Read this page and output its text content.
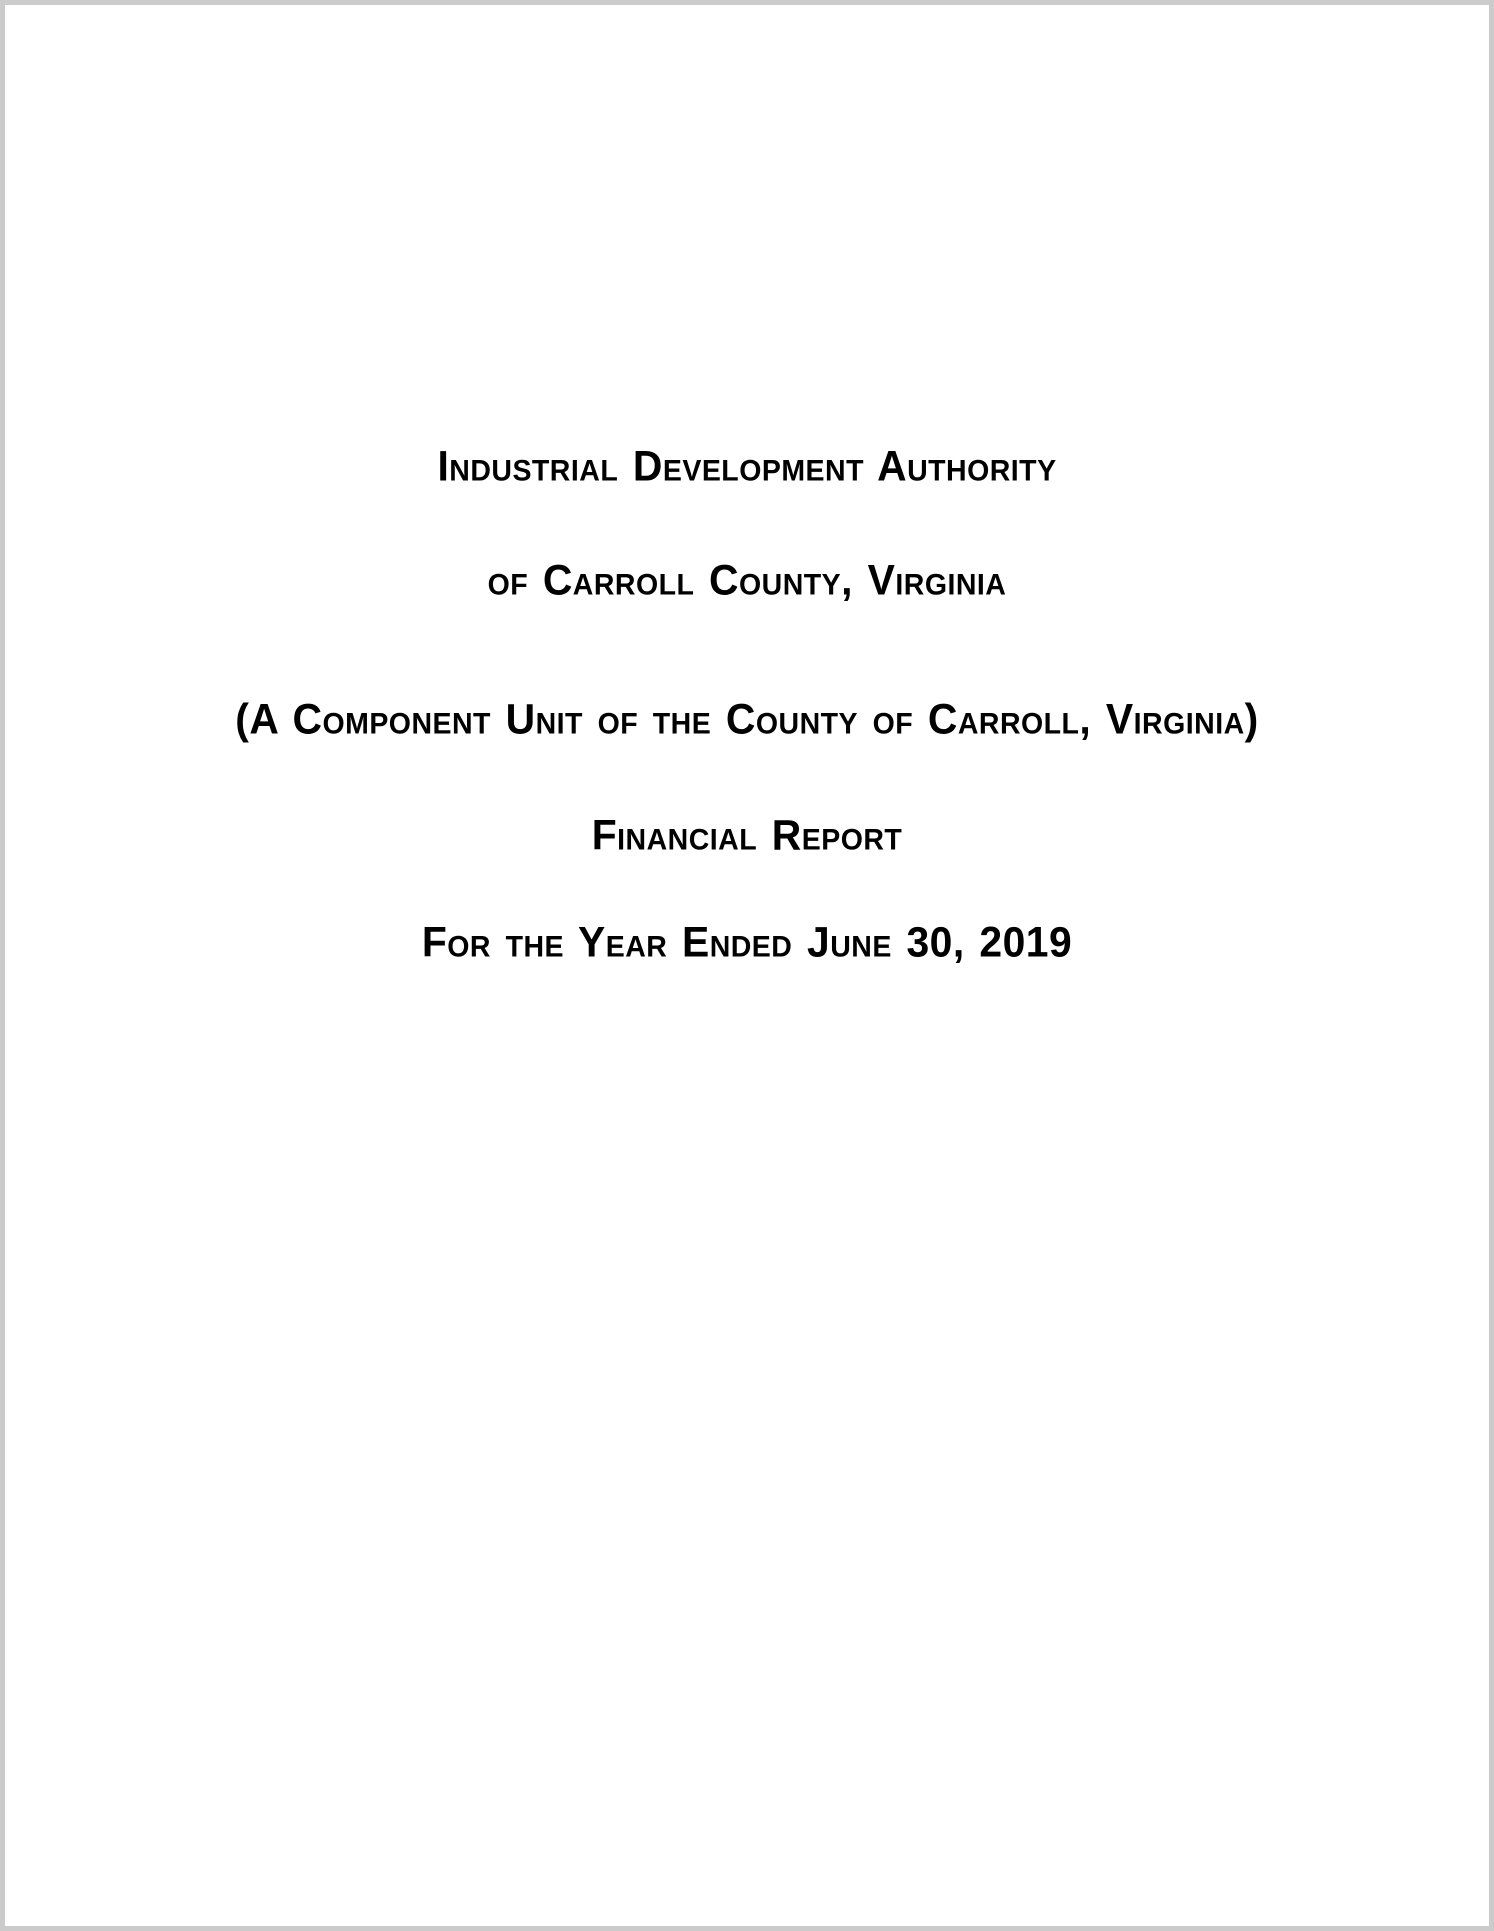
Industrial Development Authority
of Carroll County, Virginia
(A Component Unit of the County of Carroll, Virginia)
Financial Report
For the Year Ended June 30, 2019
